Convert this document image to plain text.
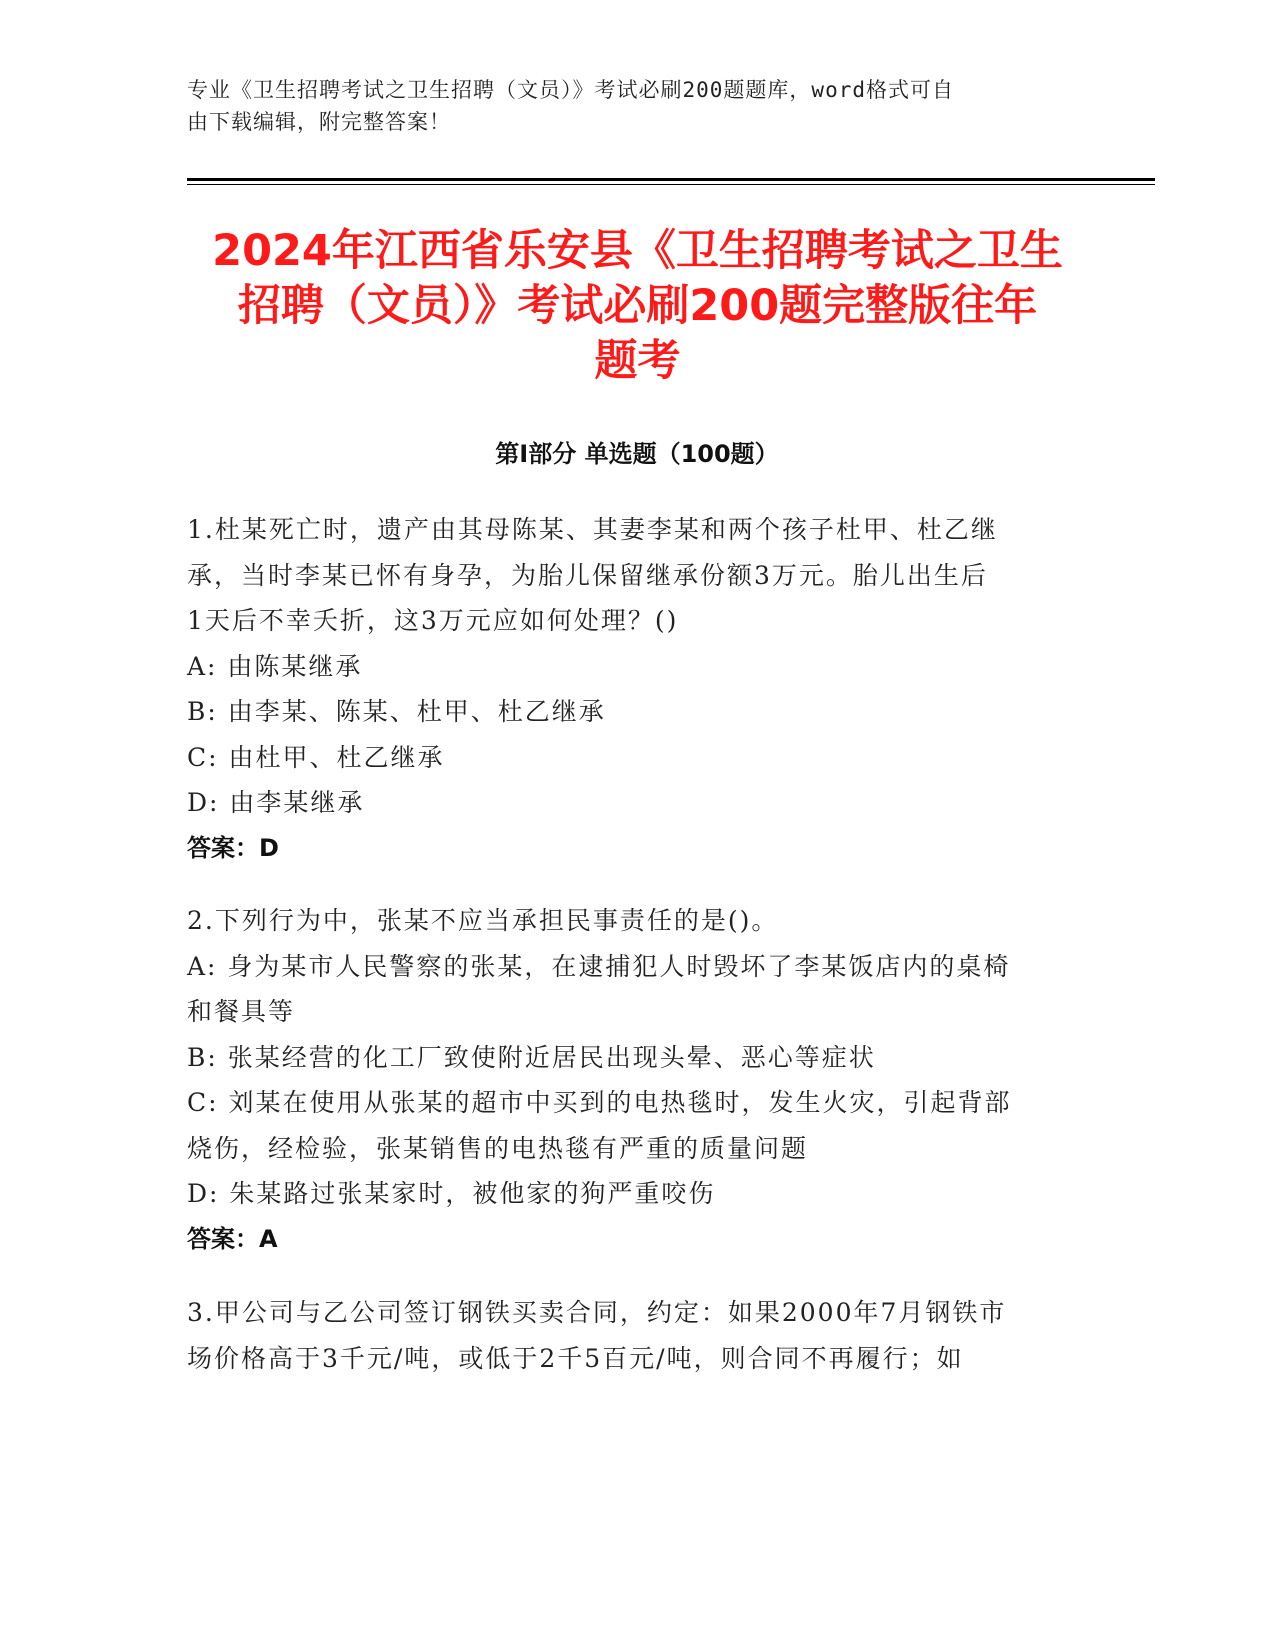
专业《卫生招聘考试之卫生招聘（文员）》考试必刷200题题库，word格式可自
由下载编辑，附完整答案！
2024年江西省乐安县《卫生招聘考试之卫生
招聘（文员）》考试必刷200题完整版往年
题考
第I部分 单选题（100题）

1.杜某死亡时，遗产由其母陈某、其妻李某和两个孩子杜甲、杜乙继

承，当时李某已怀有身孕，为胎儿保留继承份额3万元。胎儿出生后

1天后不幸夭折，这3万元应如何处理？()

A: 由陈某继承

B: 由李某、陈某、杜甲、杜乙继承

C: 由杜甲、杜乙继承

D: 由李某继承

答案：D

2.下列行为中，张某不应当承担民事责任的是()。

A: 身为某市人民警察的张某，在逮捕犯人时毁坏了李某饭店内的桌椅

和餐具等

B: 张某经营的化工厂致使附近居民出现头晕、恶心等症状

C: 刘某在使用从张某的超市中买到的电热毯时，发生火灾，引起背部

烧伤，经检验，张某销售的电热毯有严重的质量问题

D: 朱某路过张某家时，被他家的狗严重咬伤

答案：A

3.甲公司与乙公司签订钢铁买卖合同，约定：如果2000年7月钢铁市

场价格高于3千元/吨，或低于2千5百元/吨，则合同不再履行；如
